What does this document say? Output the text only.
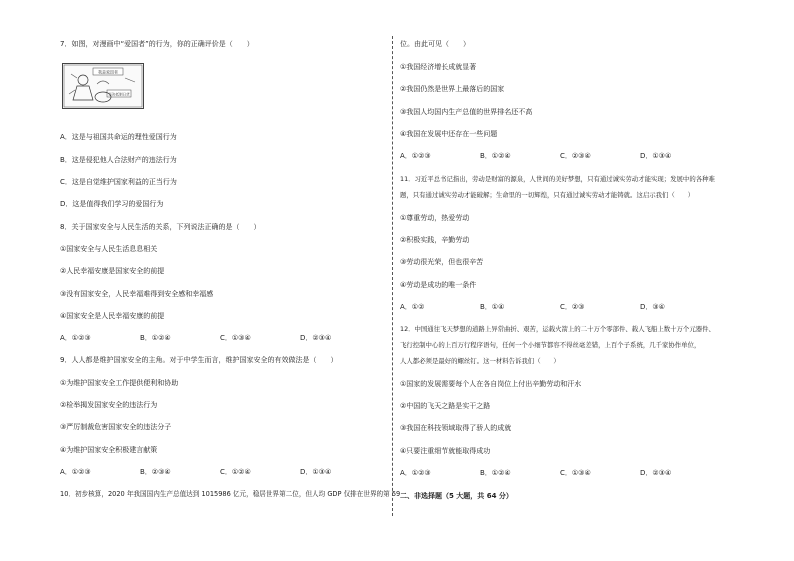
7．如图，对漫画中“爱国者”的行为，你的正确评价是（　　）
我是爱国者
坚决抵制日货
A．这是与祖国共命运的理性爱国行为
B．这是侵犯他人合法财产的违法行为
C．这是自觉维护国家利益的正当行为
D．这是值得我们学习的爱国行为
8．关于国家安全与人民生活的关系，下列说法正确的是（　　）
①国家安全与人民生活息息相关
②人民幸福安康是国家安全的前提
③没有国家安全，人民幸福难得到安全感和幸福感
④国家安全是人民幸福安康的前提
A．①②③	B．①②④	C．①③④	D．②③④
9．人人都是维护国家安全的主角。对于中学生而言，维护国家安全的有效做法是（　　）
①为维护国家安全工作提供便利和协助
②检举揭发国家安全的违法行为
③严厉制裁危害国家安全的违法分子
④为维护国家安全积极建言献策
A．①②③	B．②③④	C．①②④	D．①③④
10．初步核算，2020 年我国国内生产总值达到 1015986 亿元，稳居世界第二位，但人均 GDP 仅排在世界的第 59
位。由此可见（　　）
①我国经济增长成就显著
②我国仍然是世界上最落后的国家
③我国人均国内生产总值的世界排名还不高
④我国在发展中还存在一些问题
A．①②③	B．①②④	C．②③④	D．①③④
11．习近平总书记指出，劳动是财富的源泉，人世间的美好梦想，只有通过诚实劳动才能实现；发展中的各种难
题，只有通过诚实劳动才能破解；生命里的一切辉煌，只有通过诚实劳动才能铸就。这启示我们（　　）
①尊重劳动，热爱劳动
②积极实践，辛勤劳动
③劳动很光荣，但也很辛苦
④劳动是成功的唯一条件
A．①②	B．①④	C．②③	D．③④
12．中国通往飞天梦想的道路上异常曲折、艰苦，运载火箭上的二十万个零部件、载人飞船上数十万个元器件、
飞行控制中心的上百万行程序语句，任何一个小细节都容不得丝毫差错，上百个子系统，几千家协作单位，
人人都必须是最好的螺丝钉。这一材料告诉我们（　　）
①国家的发展需要每个人在各自岗位上付出辛勤劳动和汗水
②中国的飞天之路是实干之路
③我国在科技领域取得了骄人的成就
④只要注重细节就能取得成功
A．①②③	B．①②④	C．①③④	D．②③④
二、非选择题（5 大题，共 64 分）
